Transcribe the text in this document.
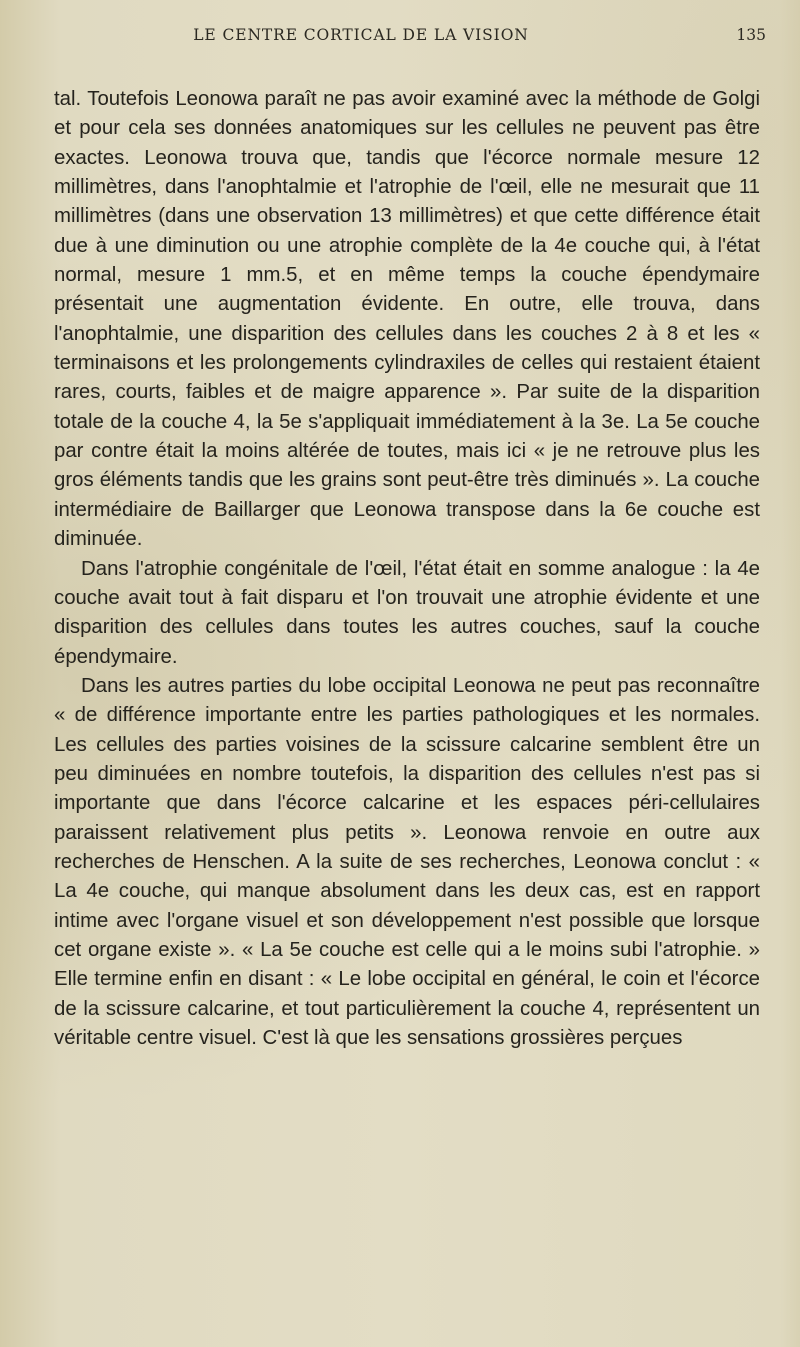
LE CENTRE CORTICAL DE LA VISION	135

tal. Toutefois Leonowa paraît ne pas avoir examiné avec la méthode de Golgi et pour cela ses données anatomiques sur les cellules ne peuvent pas être exactes. Leonowa trouva que, tandis que l'écorce normale mesure 12 millimètres, dans l'anophtalmie et l'atrophie de l'œil, elle ne mesurait que 11 millimètres (dans une observation 13 millimètres) et que cette différence était due à une diminution ou une atrophie complète de la 4e couche qui, à l'état normal, mesure 1 mm.5, et en même temps la couche épendymaire présentait une augmentation évidente. En outre, elle trouva, dans l'anophtalmie, une disparition des cellules dans les couches 2 à 8 et les « terminaisons et les prolongements cylindraxiles de celles qui restaient étaient rares, courts, faibles et de maigre apparence ». Par suite de la disparition totale de la couche 4, la 5e s'appliquait immédiatement à la 3e. La 5e couche par contre était la moins altérée de toutes, mais ici « je ne retrouve plus les gros éléments tandis que les grains sont peut-être très diminués ». La couche intermédiaire de Baillarger que Leonowa transpose dans la 6e couche est diminuée.

Dans l'atrophie congénitale de l'œil, l'état était en somme analogue : la 4e couche avait tout à fait disparu et l'on trouvait une atrophie évidente et une disparition des cellules dans toutes les autres couches, sauf la couche épendymaire.

Dans les autres parties du lobe occipital Leonowa ne peut pas reconnaître « de différence importante entre les parties pathologiques et les normales. Les cellules des parties voisines de la scissure calcarine semblent être un peu diminuées en nombre toutefois, la disparition des cellules n'est pas si importante que dans l'écorce calcarine et les espaces péri-cellulaires paraissent relativement plus petits ». Leonowa renvoie en outre aux recherches de Henschen. A la suite de ses recherches, Leonowa conclut : « La 4e couche, qui manque absolument dans les deux cas, est en rapport intime avec l'organe visuel et son développement n'est possible que lorsque cet organe existe ». « La 5e couche est celle qui a le moins subi l'atrophie. » Elle termine enfin en disant : « Le lobe occipital en général, le coin et l'écorce de la scissure calcarine, et tout particulièrement la couche 4, représentent un véritable centre visuel. C'est là que les sensations grossières perçues
